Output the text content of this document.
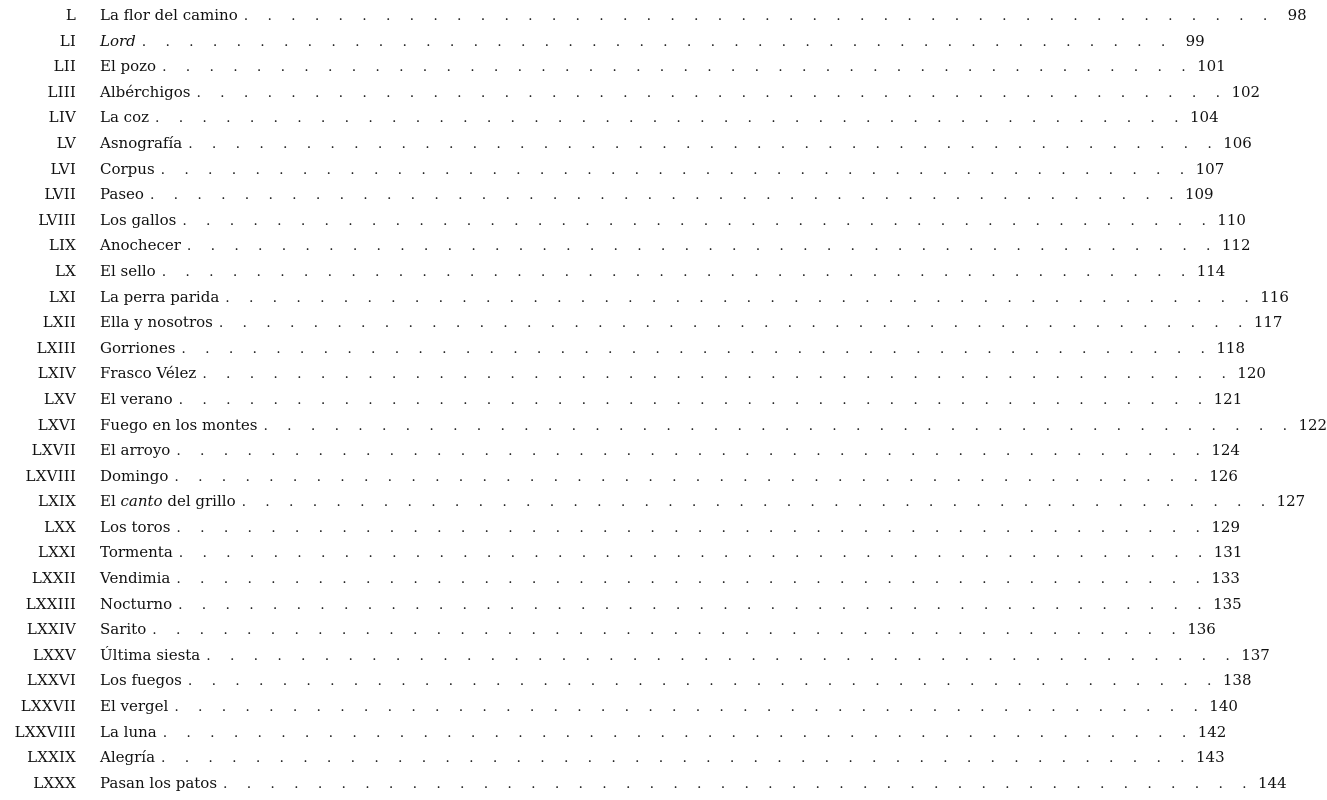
L La flor del camino . . . . . . . . . . . . . . . . . . . . . . . . . . . . . . . . . . . . . . . . . . . . 98
LI Lord . . . . . . . . . . . . . . . . . . . . . . . . . . . . . . . . . . . . . . . . . . . . 99
LII El pozo . . . . . . . . . . . . . . . . . . . . . . . . . . . . . . . . . . . . . . . . . . . . 101
LIII Albérchigos . . . . . . . . . . . . . . . . . . . . . . . . . . . . . . . . . . . . . . . . . . . . 102
LIV La coz . . . . . . . . . . . . . . . . . . . . . . . . . . . . . . . . . . . . . . . . . . . . 104
LV Asnografía . . . . . . . . . . . . . . . . . . . . . . . . . . . . . . . . . . . . . . . . . . . . 106
LVI Corpus . . . . . . . . . . . . . . . . . . . . . . . . . . . . . . . . . . . . . . . . . . . . 107
LVII Paseo . . . . . . . . . . . . . . . . . . . . . . . . . . . . . . . . . . . . . . . . . . . . 109
LVIII Los gallos . . . . . . . . . . . . . . . . . . . . . . . . . . . . . . . . . . . . . . . . . . . . 110
LIX Anochecer . . . . . . . . . . . . . . . . . . . . . . . . . . . . . . . . . . . . . . . . . . . . 112
LX El sello . . . . . . . . . . . . . . . . . . . . . . . . . . . . . . . . . . . . . . . . . . . . 114
LXI La perra parida . . . . . . . . . . . . . . . . . . . . . . . . . . . . . . . . . . . . . . . . . . . . 116
LXII Ella y nosotros . . . . . . . . . . . . . . . . . . . . . . . . . . . . . . . . . . . . . . . . . . . . 117
LXIII Gorriones . . . . . . . . . . . . . . . . . . . . . . . . . . . . . . . . . . . . . . . . . . . . 118
LXIV Frasco Vélez . . . . . . . . . . . . . . . . . . . . . . . . . . . . . . . . . . . . . . . . . . . . 120
LXV El verano . . . . . . . . . . . . . . . . . . . . . . . . . . . . . . . . . . . . . . . . . . . . 121
LXVI Fuego en los montes . . . . . . . . . . . . . . . . . . . . . . . . . . . . . . . . . . . . . . . . . . . . 122
LXVII El arroyo . . . . . . . . . . . . . . . . . . . . . . . . . . . . . . . . . . . . . . . . . . . . 124
LXVIII Domingo . . . . . . . . . . . . . . . . . . . . . . . . . . . . . . . . . . . . . . . . . . . . 126
LXIX El canto del grillo . . . . . . . . . . . . . . . . . . . . . . . . . . . . . . . . . . . . . . . . . . . . 127
LXX Los toros . . . . . . . . . . . . . . . . . . . . . . . . . . . . . . . . . . . . . . . . . . . . 129
LXXI Tormenta . . . . . . . . . . . . . . . . . . . . . . . . . . . . . . . . . . . . . . . . . . . . 131
LXXII Vendimia . . . . . . . . . . . . . . . . . . . . . . . . . . . . . . . . . . . . . . . . . . . . 133
LXXIII Nocturno . . . . . . . . . . . . . . . . . . . . . . . . . . . . . . . . . . . . . . . . . . . . 135
LXXIV Sarito . . . . . . . . . . . . . . . . . . . . . . . . . . . . . . . . . . . . . . . . . . . . 136
LXXV Última siesta . . . . . . . . . . . . . . . . . . . . . . . . . . . . . . . . . . . . . . . . . . . . 137
LXXVI Los fuegos . . . . . . . . . . . . . . . . . . . . . . . . . . . . . . . . . . . . . . . . . . . . 138
LXXVII El vergel . . . . . . . . . . . . . . . . . . . . . . . . . . . . . . . . . . . . . . . . . . . . 140
LXXVIII La luna . . . . . . . . . . . . . . . . . . . . . . . . . . . . . . . . . . . . . . . . . . . . 142
LXXIX Alegría . . . . . . . . . . . . . . . . . . . . . . . . . . . . . . . . . . . . . . . . . . . . 143
LXXX Pasan los patos . . . . . . . . . . . . . . . . . . . . . . . . . . . . . . . . . . . . . . . . . . . . 144
